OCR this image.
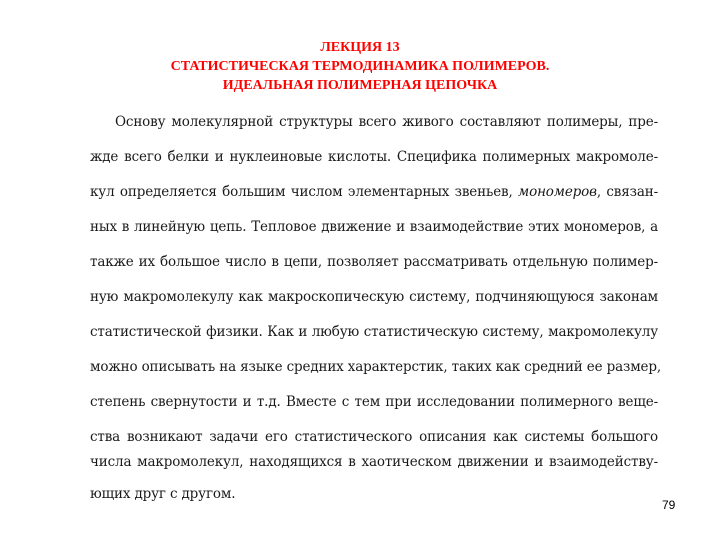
ЛЕКЦИЯ 13
СТАТИСТИЧЕСКАЯ ТЕРМОДИНАМИКА ПОЛИМЕРОВ.
ИДЕАЛЬНАЯ ПОЛИМЕРНАЯ ЦЕПОЧКА
Основу молекулярной структуры всего живого составляют полимеры, пре-
жде всего белки и нуклеиновые кислоты. Специфика полимерных макромоле-
кул определяется большим числом элементарных звеньев, мономеров, связан-
ных в линейную цепь. Тепловое движение и взаимодействие этих мономеров, а
также их большое число в цепи, позволяет рассматривать отдельную полимер-
ную макромолекулу как макроскопическую систему, подчиняющуюся законам
статистической физики. Как и любую статистическую систему, макромолекулу
можно описывать на языке средних характерстик, таких как средний ее размер,
степень свернутости и т.д. Вместе с тем при исследовании полимерного веще-
ства возникают задачи его статистического описания как системы большого
числа макромолекул, находящихся в хаотическом движении и взаимодейству-
ющих друг с другом.
79
